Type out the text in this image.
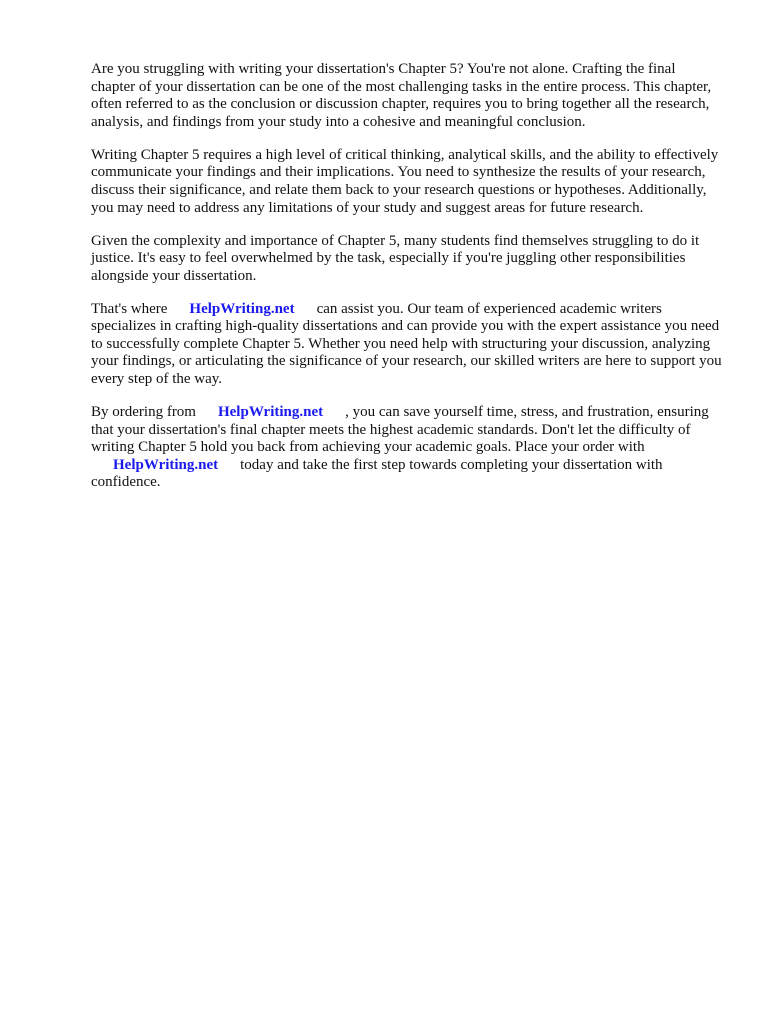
Are you struggling with writing your dissertation's Chapter 5? You're not alone. Crafting the final chapter of your dissertation can be one of the most challenging tasks in the entire process. This chapter, often referred to as the conclusion or discussion chapter, requires you to bring together all the research, analysis, and findings from your study into a cohesive and meaningful conclusion.

Writing Chapter 5 requires a high level of critical thinking, analytical skills, and the ability to effectively communicate your findings and their implications. You need to synthesize the results of your research, discuss their significance, and relate them back to your research questions or hypotheses. Additionally, you may need to address any limitations of your study and suggest areas for future research.

Given the complexity and importance of Chapter 5, many students find themselves struggling to do it justice. It's easy to feel overwhelmed by the task, especially if you're juggling other responsibilities alongside your dissertation.

That's where HelpWriting.net can assist you. Our team of experienced academic writers specializes in crafting high-quality dissertations and can provide you with the expert assistance you need to successfully complete Chapter 5. Whether you need help with structuring your discussion, analyzing your findings, or articulating the significance of your research, our skilled writers are here to support you every step of the way.

By ordering from HelpWriting.net , you can save yourself time, stress, and frustration, ensuring that your dissertation's final chapter meets the highest academic standards. Don't let the difficulty of writing Chapter 5 hold you back from achieving your academic goals. Place your order withHelpWriting.net today and take the first step towards completing your dissertation with confidence.
